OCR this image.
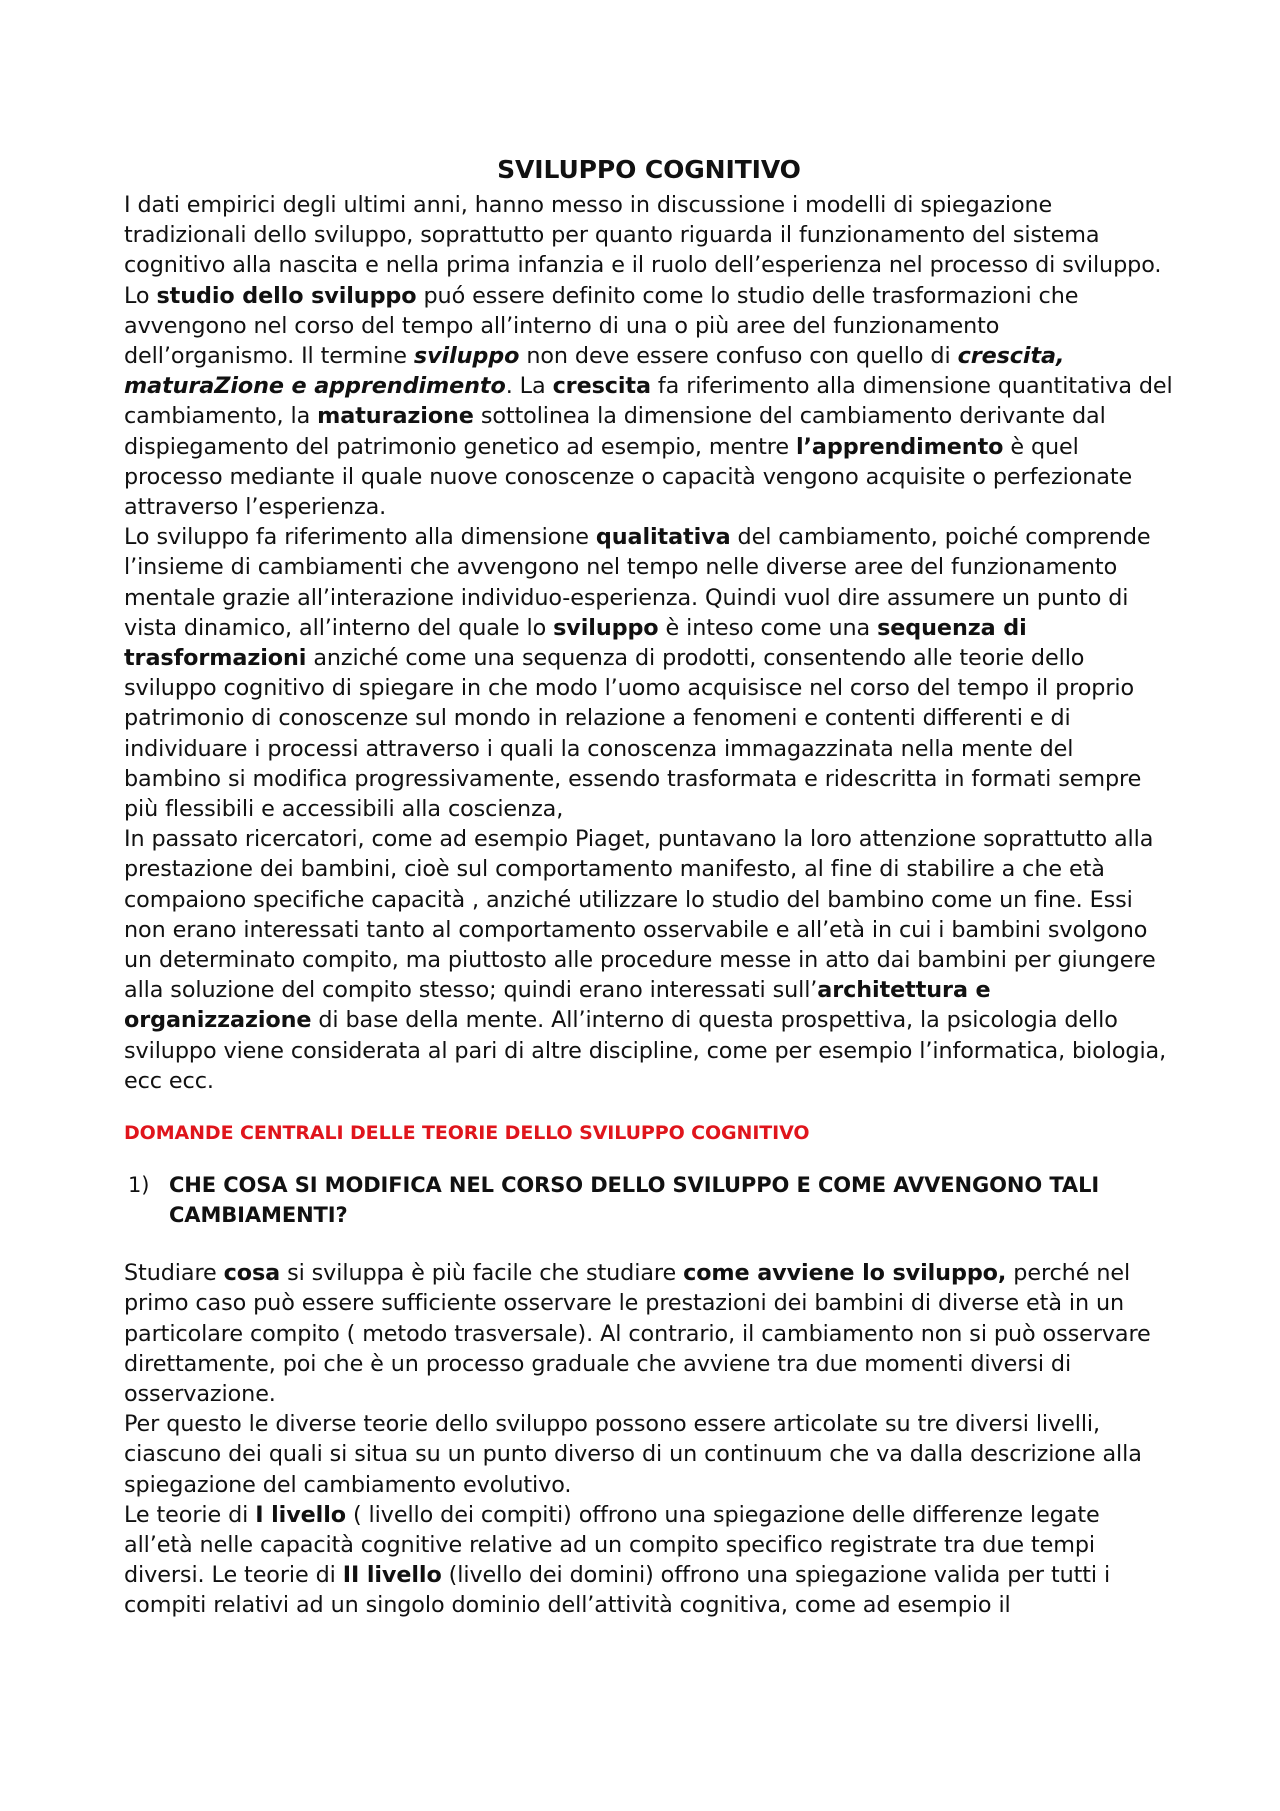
SVILUPPO COGNITIVO

I dati empirici degli ultimi anni, hanno messo in discussione i modelli di spiegazione tradizionali dello sviluppo, soprattutto per quanto riguarda il funzionamento del sistema cognitivo alla nascita e nella prima infanzia e il ruolo dell’esperienza nel processo di sviluppo.

Lo studio dello sviluppo puó essere definito come lo studio delle trasformazioni che avvengono nel corso del tempo all’interno di una o più aree del funzionamento dell’organismo. Il termine sviluppo non deve essere confuso con quello di crescita, maturaZione e apprendimento. La crescita fa riferimento alla dimensione quantitativa del cambiamento, la maturazione sottolinea la dimensione del cambiamento derivante dal dispiegamento del patrimonio genetico ad esempio, mentre l’apprendimento è quel processo mediante il quale nuove conoscenze o capacità vengono acquisite o perfezionate attraverso l’esperienza.

Lo sviluppo fa riferimento alla dimensione qualitativa del cambiamento, poiché comprende l’insieme di cambiamenti che avvengono nel tempo nelle diverse aree del funzionamento mentale grazie all’interazione individuo-esperienza. Quindi vuol dire assumere un punto di vista dinamico, all’interno del quale lo sviluppo è inteso come una sequenza di trasformazioni anziché come una sequenza di prodotti, consentendo alle teorie dello sviluppo cognitivo di spiegare in che modo l’uomo acquisisce nel corso del tempo il proprio patrimonio di conoscenze sul mondo in relazione a fenomeni e contenti differenti e di individuare i processi attraverso i quali la conoscenza immagazzinata nella mente del bambino si modifica progressivamente, essendo trasformata e ridescritta in formati sempre più flessibili e accessibili alla coscienza,

In passato ricercatori, come ad esempio Piaget, puntavano la loro attenzione soprattutto alla prestazione dei bambini, cioè sul comportamento manifesto, al fine di stabilire a che età compaiono specifiche capacità , anziché utilizzare lo studio del bambino come un fine. Essi non erano interessati tanto al comportamento osservabile e all’età in cui i bambini svolgono un determinato compito, ma piuttosto alle procedure messe in atto dai bambini per giungere alla soluzione del compito stesso; quindi erano interessati sull’architettura e organizzazione di base della mente. All’interno di questa prospettiva, la psicologia dello sviluppo viene considerata al pari di altre discipline, come per esempio l’informatica, biologia, ecc ecc.

DOMANDE CENTRALI DELLE TEORIE DELLO SVILUPPO COGNITIVO

1) CHE COSA SI MODIFICA NEL CORSO DELLO SVILUPPO E COME AVVENGONO TALI CAMBIAMENTI?

Studiare cosa si sviluppa è più facile che studiare come avviene lo sviluppo, perché nel primo caso può essere sufficiente osservare le prestazioni dei bambini di diverse età in un particolare compito ( metodo trasversale). Al contrario, il cambiamento non si può osservare direttamente, poi che è un processo graduale che avviene tra due momenti diversi di osservazione.

Per questo le diverse teorie dello sviluppo possono essere articolate su tre diversi livelli, ciascuno dei quali si situa su un punto diverso di un continuum che va dalla descrizione alla spiegazione del cambiamento evolutivo.

Le teorie di I livello ( livello dei compiti) offrono una spiegazione delle differenze legate all’età nelle capacità cognitive relative ad un compito specifico registrate tra due tempi diversi. Le teorie di II livello (livello dei domini) offrono una spiegazione valida per tutti i compiti relativi ad un singolo dominio dell’attività cognitiva, come ad esempio il
